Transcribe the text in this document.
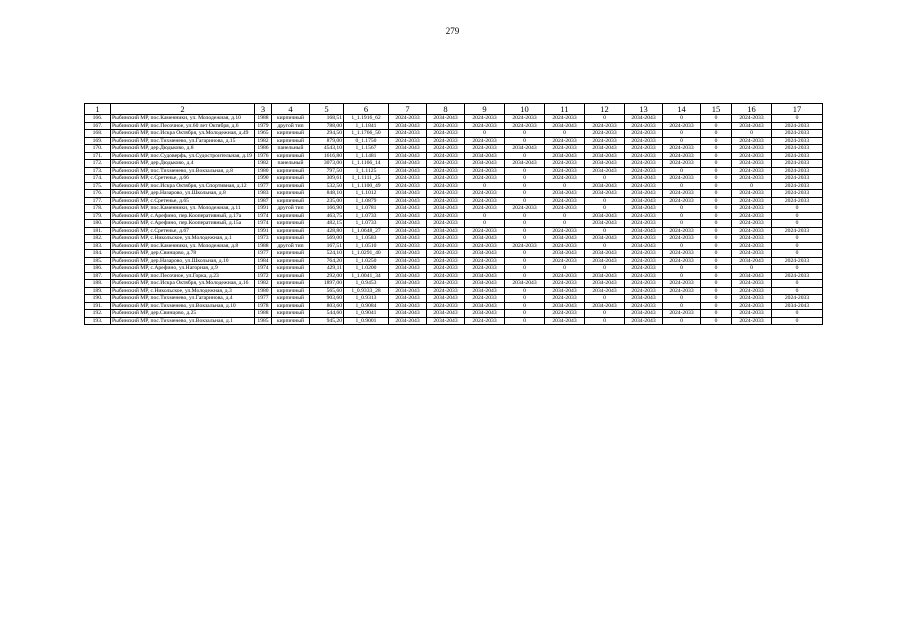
279
1	2	3	4	5	6	7	8	9	10	11	12	13	14	15	16	17
166.	Рыбинский МР, пос.Каменники, ул. Молодежная, д.10	1988	кирпичный	168,51	1_1.1916_62	2024-2033	2034-2043	2024-2033	2024-2033	2024-2033	0	2034-2043	0	0	2024-2033	0
167.	Рыбинский МР, пос.Песочное, ул.60 лет Октября, д.6	1979	другой тип	788,00	1_1.1841	2034-2043	2024-2033	2024-2033	2024-2033	2034-2043	2024-2033	2024-2033	2024-2033	0	2034-2043	2024-2033
168.	Рыбинский МР, пос.Искра Октября, ул.Молодежная, д.49	1965	кирпичный	294,50	1_1.1766_50	2024-2033	2024-2033	0	0	0	2024-2033	2024-2033	0	0	0	2024-2033
169.	Рыбинский МР, пос.Тихменево, ул.Гагаринова, д.15	1982	кирпичный	879,00	0_1.1750	2024-2033	2024-2033	2024-2033	0	2024-2033	2024-2033	2024-2033	0	0	2024-2033	2024-2033
170.	Рыбинский МР, дер.Дюдьково, д.8	1986	панельный	4543,10	1_1.1567	2034-2043	2024-2033	2024-2033	2034-2043	2024-2033	2034-2043	2024-2033	2024-2033	0	2024-2033	2024-2033
171.	Рыбинский МР, пос.Судоверфь, ул.Судостроительная, д.19	1976	кирпичный	1616,80	1_1.1481	2034-2043	2024-2033	2034-2043	0	2034-2043	2034-2043	2024-2033	2024-2033	0	2024-2033	2024-2033
172.	Рыбинский МР, дер.Дюдьково, д.4	1982	панельный	3073,00	1_1.1166_14	2034-2043	2024-2033	2034-2043	2034-2043	2024-2033	2034-2043	2024-2033	2024-2033	0	2024-2033	2024-2033
173.	Рыбинский МР, пос.Тихменево, ул.Вокзальная, д.8	1980	кирпичный	797,50	1_1.1125	2034-2043	2024-2033	2024-2033	0	2024-2033	2034-2043	2024-2033	0	0	2024-2033	2024-2033
174.	Рыбинский МР, с.Сретенье, д.66	1990	кирпичный	309,61	1_1.1111_25	2024-2033	2024-2033	2024-2033	0	2024-2033	0	2034-2043	2024-2033	0	2024-2033	2024-2033
175.	Рыбинский МР, пос.Искра Октября, ул.Спортивная, д.12	1977	кирпичный	532,50	1_1.1100_49	2024-2033	2024-2033	0	0	0	2034-2043	2024-2033	0	0	0	2024-2033
176.	Рыбинский МР, дер.Назарово, ул.Школьная, д.8	1983	кирпичный	848,10	1_1.1012	2034-2043	2024-2033	2024-2033	0	2034-2043	2034-2043	2034-2043	2024-2033	0	2024-2033	2024-2033
177.	Рыбинский МР, с.Сретенье, д.65	1987	кирпичный	235,00	1_1.0879	2034-2043	2024-2033	2024-2033	0	2024-2033	0	2034-2043	2024-2033	0	2024-2033	2024-2033
178.	Рыбинский МР, пос.Каменники, ул. Молодежная, д.11	1991	другой тип	166,90	1_1.0781	2034-2043	2034-2043	2024-2033	2024-2033	2024-2033	0	2034-2043	0	0	2024-2033	0
179.	Рыбинский МР, с.Арефино, пер.Кооперативный, д.17а	1974	кирпичный	463,75	1_1.0733	2034-2043	2024-2033	0	0	0	2034-2043	2024-2033	0	0	2024-2033	0
180.	Рыбинский МР, с.Арефино, пер.Кооперативный, д.15а	1974	кирпичный	482,15	1_1.0733	2034-2043	2024-2033	0	0	0	2034-2043	2024-2033	0	0	2024-2033	0
181.	Рыбинский МР, с.Сретенье, д.67	1991	кирпичный	428,80	1_1.0648_27	2034-2043	2034-2043	2024-2033	0	2024-2033	0	2034-2043	2024-2033	0	2024-2033	2024-2033
182.	Рыбинский МР, с.Никольское, ул.Молодежная, д.1	1973	кирпичный	569,00	1_1.0583	2034-2043	2024-2033	2034-2043	0	2034-2043	2034-2043	2024-2033	2024-2033	0	2024-2033	0
183.	Рыбинский МР, пос.Каменники, ул. Молодежная, д.8	1988	другой тип	167,51	1_1.0510	2024-2033	2024-2033	2024-2033	2024-2033	2024-2033	0	2034-2043	0	0	2024-2033	0
184.	Рыбинский МР, дер.Свинцово, д.78	1977	кирпичный	524,10	1_1.0291_40	2034-2043	2024-2033	2034-2043	0	2034-2043	2034-2043	2024-2033	2024-2033	0	2024-2033	0
185.	Рыбинский МР, дер.Назарово, ул.Школьная, д.10	1984	кирпичный	764,20	1_1.0250	2034-2043	2024-2033	2024-2033	0	2024-2033	2034-2043	2024-2033	2024-2033	0	2034-2043	2024-2033
186.	Рыбинский МР, с.Арефино, ул.Нагорная, д.9	1974	кирпичный	429,11	1_1.0200	2034-2043	2024-2033	2024-2033	0	0	0	2024-2033	0	0	0	0
187.	Рыбинский МР, пос.Песочное, ул.Горка, д.23	1972	кирпичный	292,00	1_1.0041_34	2034-2043	2024-2033	2034-2043	0	2024-2033	2034-2043	2024-2033	0	0	2034-2043	2024-2033
188.	Рыбинский МР, пос.Искра Октября, ул.Молодежная, д.16	1982	кирпичный	1897,00	1_0.9453	2034-2043	2024-2033	2034-2043	2034-2043	2024-2033	2034-2043	2024-2033	2024-2033	0	2024-2033	0
189.	Рыбинский МР, с.Никольское, ул.Молодежная, д.3	1980	кирпичный	565,60	1_0.9333_28	2034-2043	2024-2033	2034-2043	0	2034-2043	2034-2043	2024-2033	2024-2033	0	2024-2033	0
190.	Рыбинский МР, пос.Тихменево, ул.Гагаринова, д.4	1977	кирпичный	903,60	1_0.9313	2034-2043	2034-2043	2024-2033	0	2024-2033	0	2034-2043	0	0	2024-2033	2024-2033
191.	Рыбинский МР, пос.Тихменево, ул.Вокзальная, д.10	1978	кирпичный	803,60	1_0.9084	2034-2043	2024-2033	2034-2043	0	2034-2043	2034-2043	2024-2033	0	0	2024-2033	2034-2043
192.	Рыбинский МР, дер.Свинцово, д.25	1988	кирпичный	544,60	1_0.9041	2034-2043	2034-2043	2034-2043	0	2024-2033	0	2034-2043	2024-2033	0	2024-2033	0
193.	Рыбинский МР, пос.Тихменево, ул.Вокзальная, д.1	1985	кирпичный	945,20	1_0.9001	2034-2043	2034-2043	2024-2033	0	2034-2043	0	2034-2043	0	0	2024-2033	0
